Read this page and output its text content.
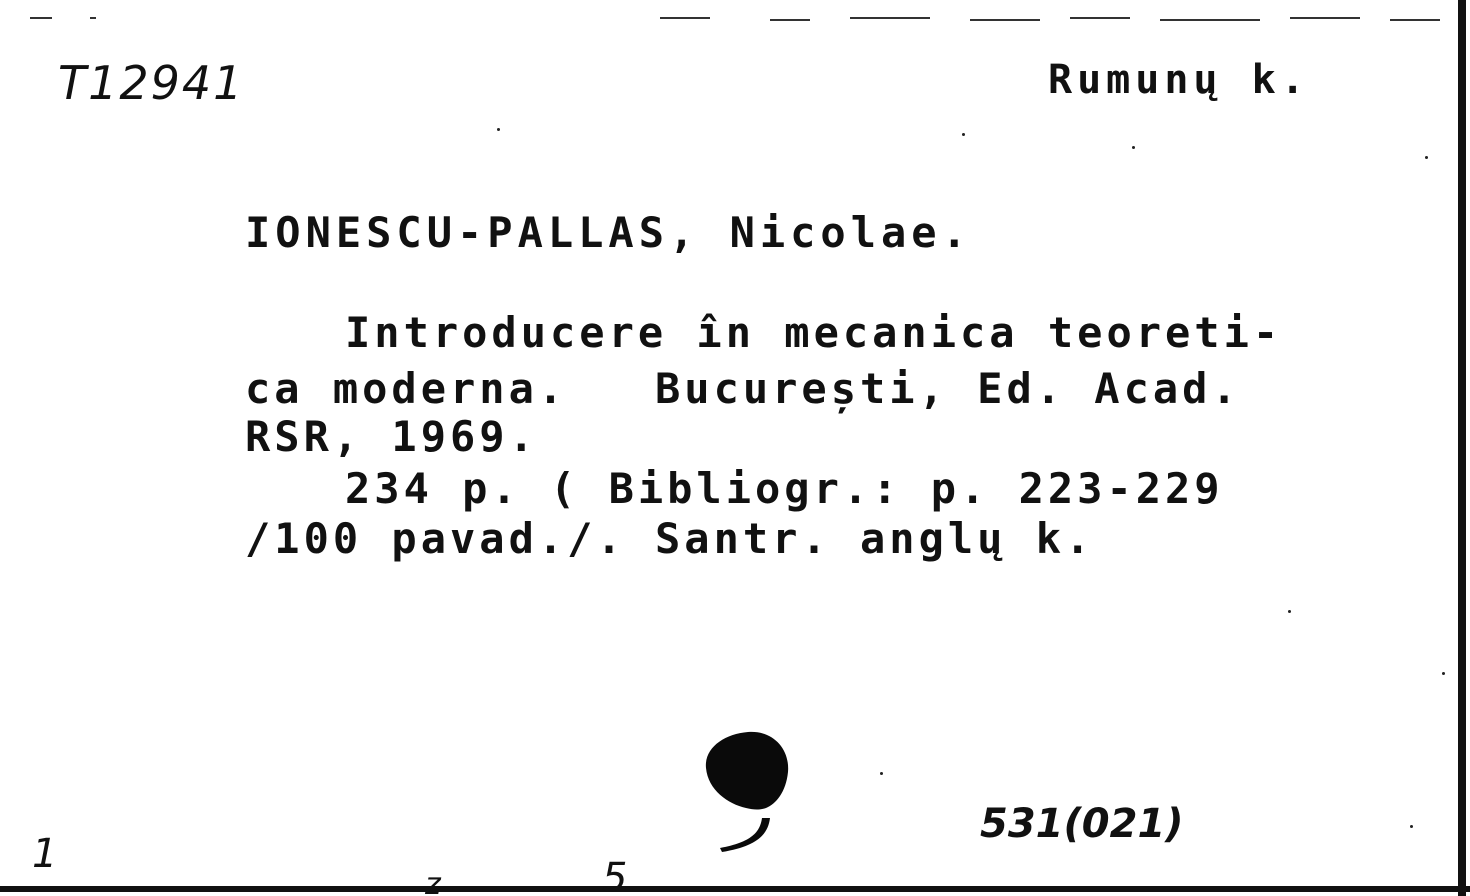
T12941	Rumunų k.
IONESCU-PALLAS, Nicolae.
Introducere în mecanica teoreti-
ca moderna.   București, Ed. Acad.
RSR, 1969.
234 p. ( Bibliogr.: p. 223-229
/100 pavad./. Santr. anglų k.
531(021)
1
z	5
